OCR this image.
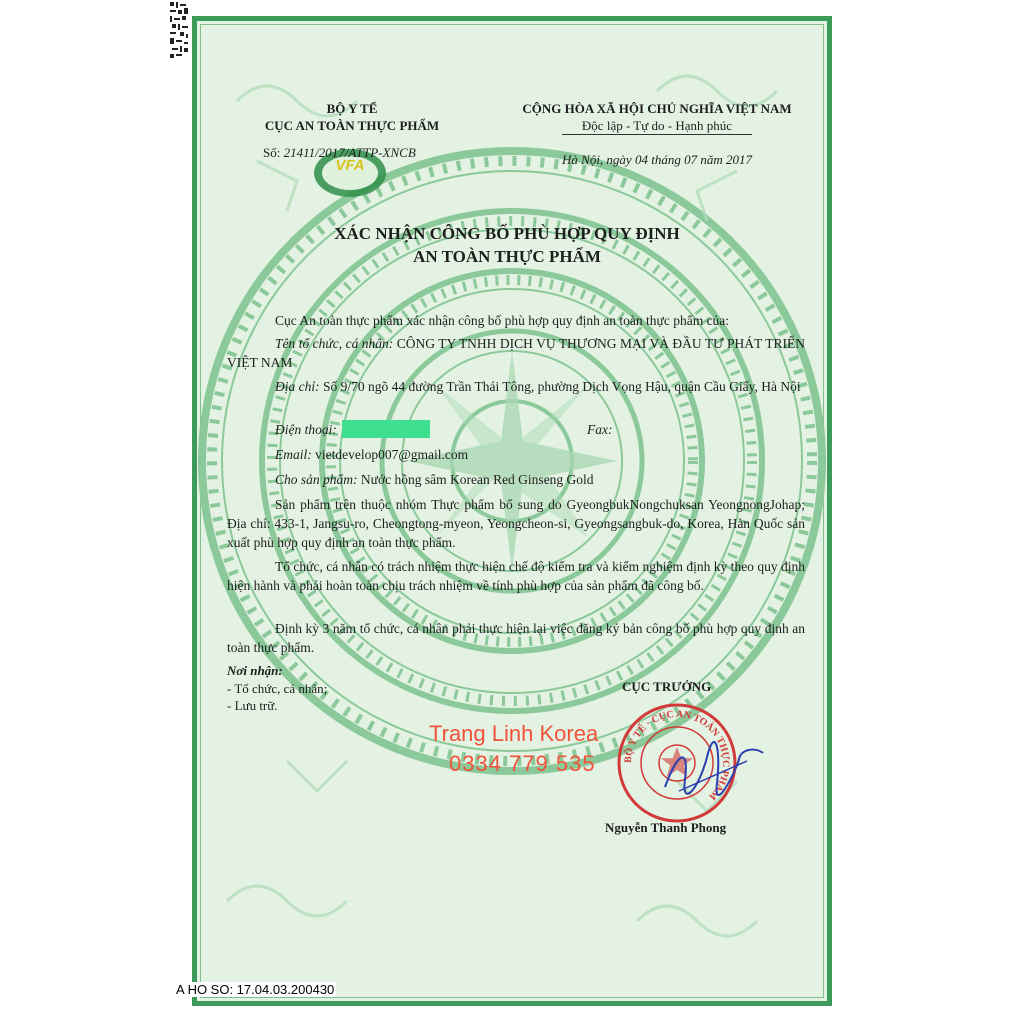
BỘ Y TẾ
CỤC AN TOÀN THỰC PHẨM
VFA
Số: 21411/2017/ATTP-XNCB
CỘNG HÒA XÃ HỘI CHỦ NGHĨA VIỆT NAM
Độc lập - Tự do - Hạnh phúc
Hà Nội, ngày 04 tháng 07 năm 2017
XÁC NHẬN CÔNG BỐ PHÙ HỢP QUY ĐỊNH
AN TOÀN THỰC PHẨM
Cục An toàn thực phẩm xác nhận công bố phù hợp quy định an toàn thực phẩm của:
Tên tổ chức, cá nhân: CÔNG TY TNHH DỊCH VỤ THƯƠNG MẠI VÀ ĐẦU TƯ PHÁT TRIỂN VIỆT NAM
Địa chỉ: Số 9/70 ngõ 44 đường Trần Thái Tông, phường Dịch Vọng Hậu, quận Cầu Giấy, Hà Nội
Điện thoại:	Fax:
Email: vietdevelop007@gmail.com
Cho sản phẩm: Nước hồng sâm Korean Red Ginseng Gold
Sản phẩm trên thuộc nhóm Thực phẩm bổ sung do GyeongbukNongchuksan YeongnongJohap; Địa chỉ: 433-1, Jangsu-ro, Cheongtong-myeon, Yeongcheon-si, Gyeongsangbuk-do, Korea, Hàn Quốc sản xuất phù hợp quy định an toàn thực phẩm.
Tổ chức, cá nhân có trách nhiệm thực hiện chế độ kiểm tra và kiểm nghiệm định kỳ theo quy định hiện hành và phải hoàn toàn chịu trách nhiệm về tính phù hợp của sản phẩm đã công bố.
Định kỳ 3 năm tổ chức, cá nhân phải thực hiện lại việc đăng ký bản công bố phù hợp quy định an toàn thực phẩm.
Nơi nhận:
- Tổ chức, cá nhân;
- Lưu trữ.
CỤC TRƯỞNG
BỘ Y TẾ · CỤC AN TOÀN THỰC PHẨM
Nguyễn Thanh Phong
Trang Linh Korea
0334 779 535
A HO SO: 17.04.03.200430
